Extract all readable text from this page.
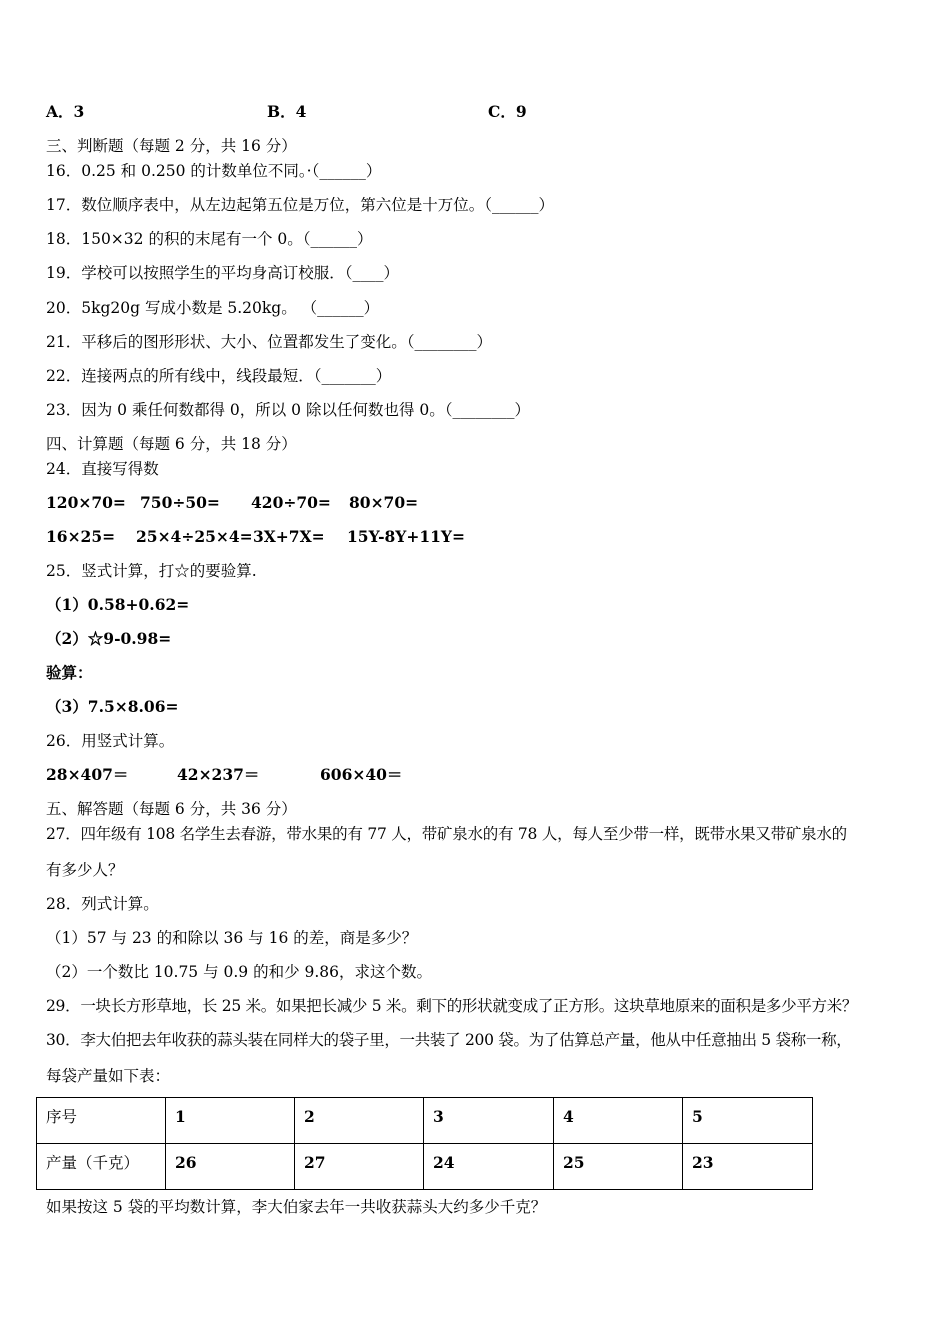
A．3	B．4	C．9
三、判断题（每题 2 分，共 16 分）
16．0.25 和 0.250 的计数单位不同。·（______）
17．数位顺序表中，从左边起第五位是万位，第六位是十万位。（______）
18．150×32 的积的末尾有一个 0。（______）
19．学校可以按照学生的平均身高订校服．（____）
20．5kg20g 写成小数是 5.20kg。 （______）
21．平移后的图形形状、大小、位置都发生了变化。（________）
22．连接两点的所有线中，线段最短．（_______）
23．因为 0 乘任何数都得 0，所以 0 除以任何数也得 0。（________）
四、计算题（每题 6 分，共 18 分）
24．直接写得数
120×70= 750÷50= 420÷70= 80×70=
16×25= 25×4÷25×4= 3X+7X= 15Y-8Y+11Y=
25．竖式计算，打☆的要验算.
（1）0.58+0.62=
（2）☆9-0.98=
验算：
（3）7.5×8.06=
26．用竖式计算。
28×407＝	42×237＝	606×40＝
五、解答题（每题 6 分，共 36 分）
27．四年级有 108 名学生去春游，带水果的有 77 人，带矿泉水的有 78 人，每人至少带一样，既带水果又带矿泉水的
有多少人？
28．列式计算。
（1）57 与 23 的和除以 36 与 16 的差，商是多少？
（2）一个数比 10.75 与 0.9 的和少 9.86，求这个数。
29．一块长方形草地，长 25 米。如果把长减少 5 米。剩下的形状就变成了正方形。这块草地原来的面积是多少平方米？
30．李大伯把去年收获的蒜头装在同样大的袋子里，一共装了 200 袋。为了估算总产量，他从中任意抽出 5 袋称一称，
每袋产量如下表：
序号	1	2	3	4	5
产量（千克）	26	27	24	25	23
如果按这 5 袋的平均数计算，李大伯家去年一共收获蒜头大约多少千克？
